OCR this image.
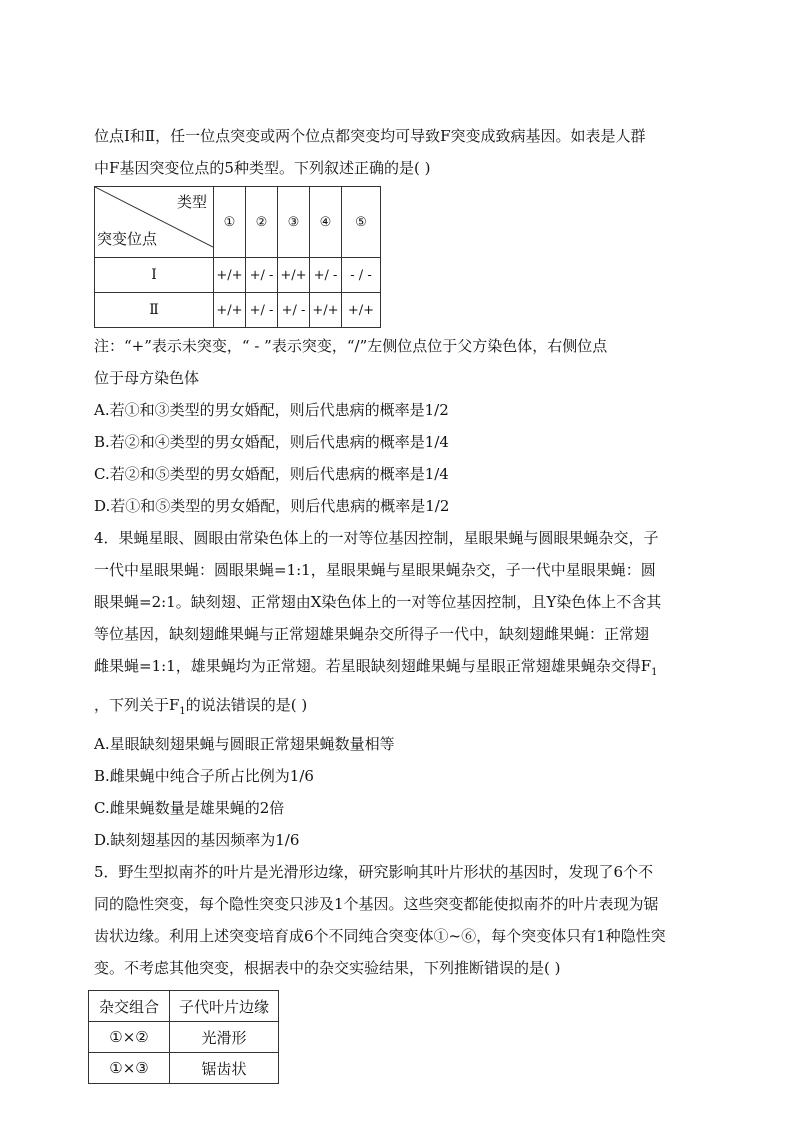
位点Ⅰ和Ⅱ，任一位点突变或两个位点都突变均可导致F突变成致病基因。如表是人群

中F基因突变位点的5种类型。下列叙述正确的是( )

类型
突变位点	①	②	③	④	⑤
Ⅰ	+/+	+/ -	+/+	+/ -	- / -
Ⅱ	+/+	+/ -	+/ -	+/+	+/+

注：“+”表示未突变，“ - ”表示突变，“/”左侧位点位于父方染色体，右侧位点

位于母方染色体

A.若①和③类型的男女婚配，则后代患病的概率是1/2

B.若②和④类型的男女婚配，则后代患病的概率是1/4

C.若②和⑤类型的男女婚配，则后代患病的概率是1/4

D.若①和⑤类型的男女婚配，则后代患病的概率是1/2

4．果蝇星眼、圆眼由常染色体上的一对等位基因控制，星眼果蝇与圆眼果蝇杂交，子

一代中星眼果蝇：圆眼果蝇=1:1，星眼果蝇与星眼果蝇杂交，子一代中星眼果蝇：圆

眼果蝇=2:1。缺刻翅、正常翅由X染色体上的一对等位基因控制，且Y染色体上不含其

等位基因，缺刻翅雌果蝇与正常翅雄果蝇杂交所得子一代中，缺刻翅雌果蝇：正常翅

雌果蝇=1:1，雄果蝇均为正常翅。若星眼缺刻翅雌果蝇与星眼正常翅雄果蝇杂交得$F_1$

，下列关于$F_1$的说法错误的是( )

A.星眼缺刻翅果蝇与圆眼正常翅果蝇数量相等

B.雌果蝇中纯合子所占比例为1/6

C.雌果蝇数量是雄果蝇的2倍

D.缺刻翅基因的基因频率为1/6

5．野生型拟南芥的叶片是光滑形边缘，研究影响其叶片形状的基因时，发现了6个不

同的隐性突变，每个隐性突变只涉及1个基因。这些突变都能使拟南芥的叶片表现为锯

齿状边缘。利用上述突变培育成6个不同纯合突变体①~⑥，每个突变体只有1种隐性突

变。不考虑其他突变，根据表中的杂交实验结果，下列推断错误的是( )

杂交组合	子代叶片边缘
①×②	光滑形
①×③	锯齿状
